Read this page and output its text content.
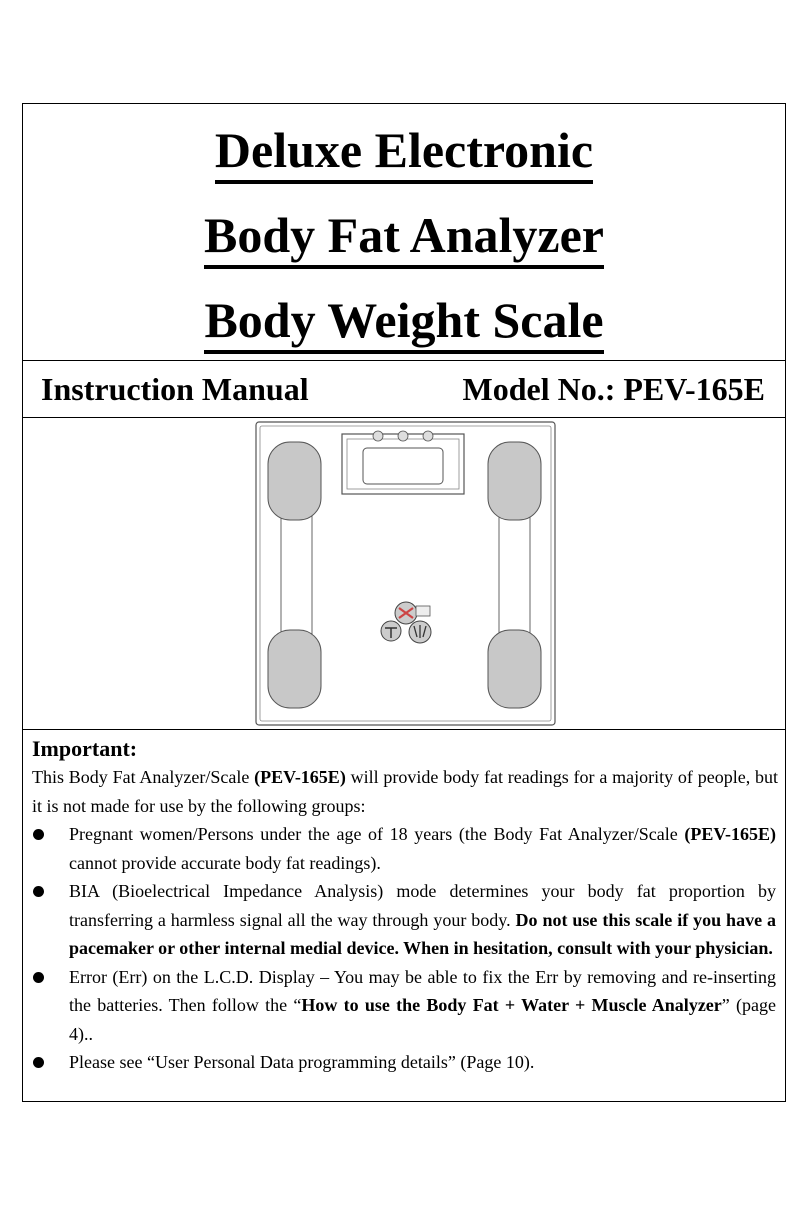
Deluxe Electronic
Body Fat Analyzer
Body Weight Scale
Instruction Manual	Model No.: PEV-165E
Important:
This Body Fat Analyzer/Scale (PEV-165E) will provide body fat readings for a majority of people, but it is not made for use by the following groups:
Pregnant women/Persons under the age of 18 years (the Body Fat Analyzer/Scale (PEV-165E) cannot provide accurate body fat readings).
BIA (Bioelectrical Impedance Analysis) mode determines your body fat proportion by transferring a harmless signal all the way through your body. Do not use this scale if you have a pacemaker or other internal medial device. When in hesitation, consult with your physician.
Error (Err) on the L.C.D. Display – You may be able to fix the Err by removing and re-inserting the batteries. Then follow the “How to use the Body Fat + Water + Muscle Analyzer” (page 4)..
Please see “User Personal Data programming details” (Page 10).
